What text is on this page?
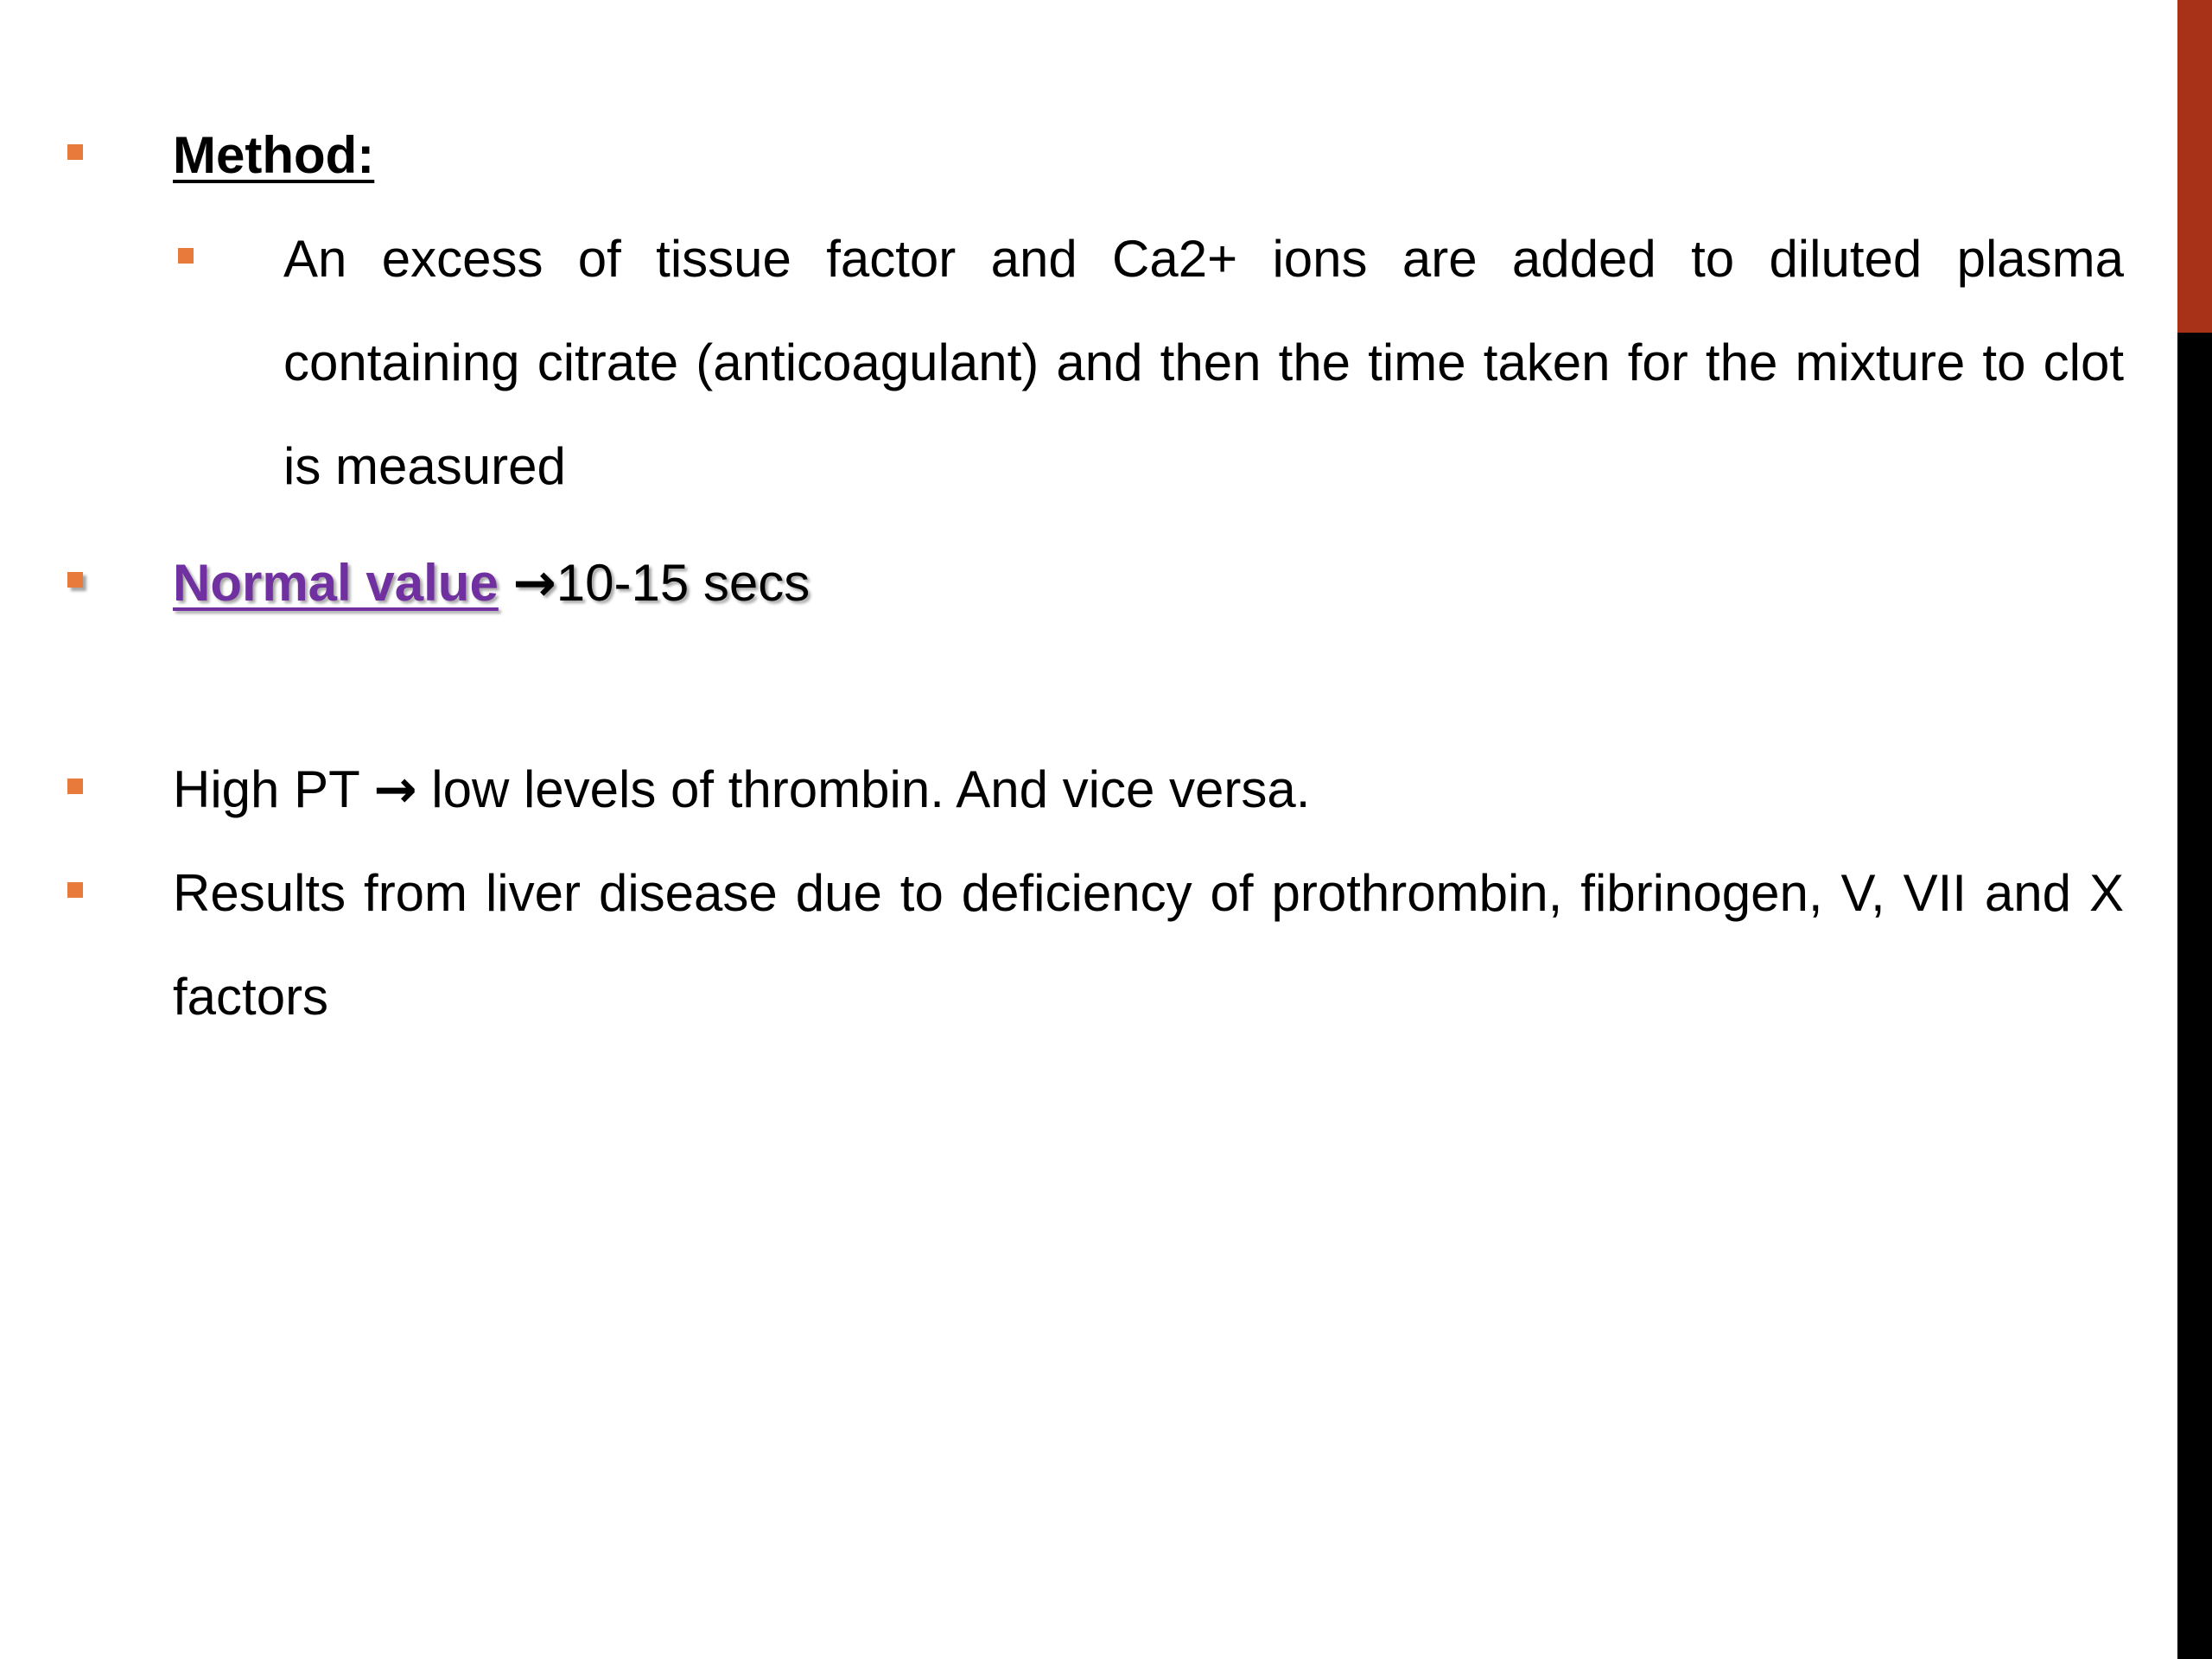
Method:
An excess of tissue factor and Ca2+ ions are added to diluted plasma containing citrate (anticoagulant) and then the time taken for the mixture to clot is measured
Normal value →10-15 secs
High PT → low levels of thrombin. And vice versa.
Results from liver disease due to deficiency of prothrombin, fibrinogen, V, VII and X factors
